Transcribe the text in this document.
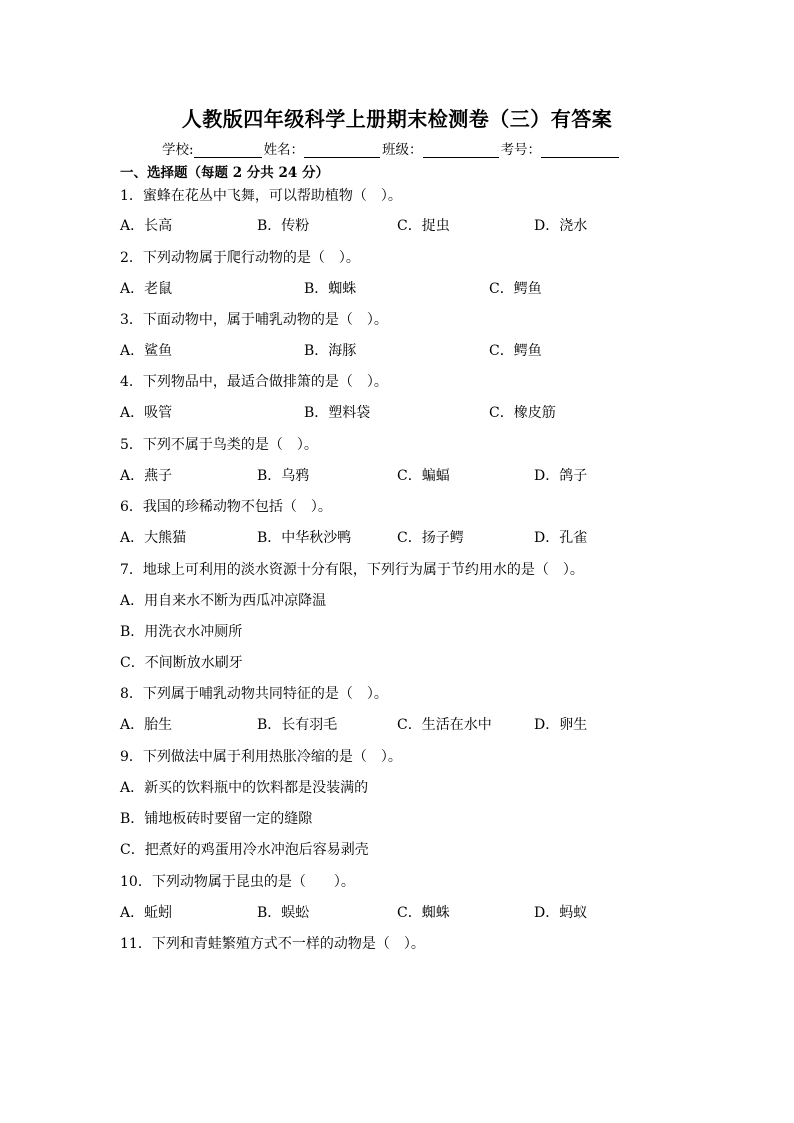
人教版四年级科学上册期末检测卷（三）有答案
学校:	姓名：	班级：	考号：
一、选择题（每题 2 分共 24 分）
1．蜜蜂在花丛中飞舞，可以帮助植物（　）。
A．长高	B．传粉	C．捉虫	D．浇水
2．下列动物属于爬行动物的是（　）。
A．老鼠	B．蜘蛛	C．鳄鱼
3．下面动物中，属于哺乳动物的是（　）。
A．鲨鱼	B．海豚	C．鳄鱼
4．下列物品中，最适合做排箫的是（　）。
A．吸管	B．塑料袋	C．橡皮筋
5．下列不属于鸟类的是（　）。
A．燕子	B．乌鸦	C．蝙蝠	D．鸽子
6．我国的珍稀动物不包括（　）。
A．大熊猫	B．中华秋沙鸭	C．扬子鳄	D．孔雀
7．地球上可利用的淡水资源十分有限，下列行为属于节约用水的是（　）。
A．用自来水不断为西瓜冲凉降温
B．用洗衣水冲厕所
C．不间断放水刷牙
8．下列属于哺乳动物共同特征的是（　）。
A．胎生	B．长有羽毛	C．生活在水中	D．卵生
9．下列做法中属于利用热胀冷缩的是（　）。
A．新买的饮料瓶中的饮料都是没装满的
B．铺地板砖时要留一定的缝隙
C．把煮好的鸡蛋用冷水冲泡后容易剥壳
10．下列动物属于昆虫的是（　　）。
A．蚯蚓	B．蜈蚣	C．蜘蛛	D．蚂蚁
11．下列和青蛙繁殖方式不一样的动物是（　）。
